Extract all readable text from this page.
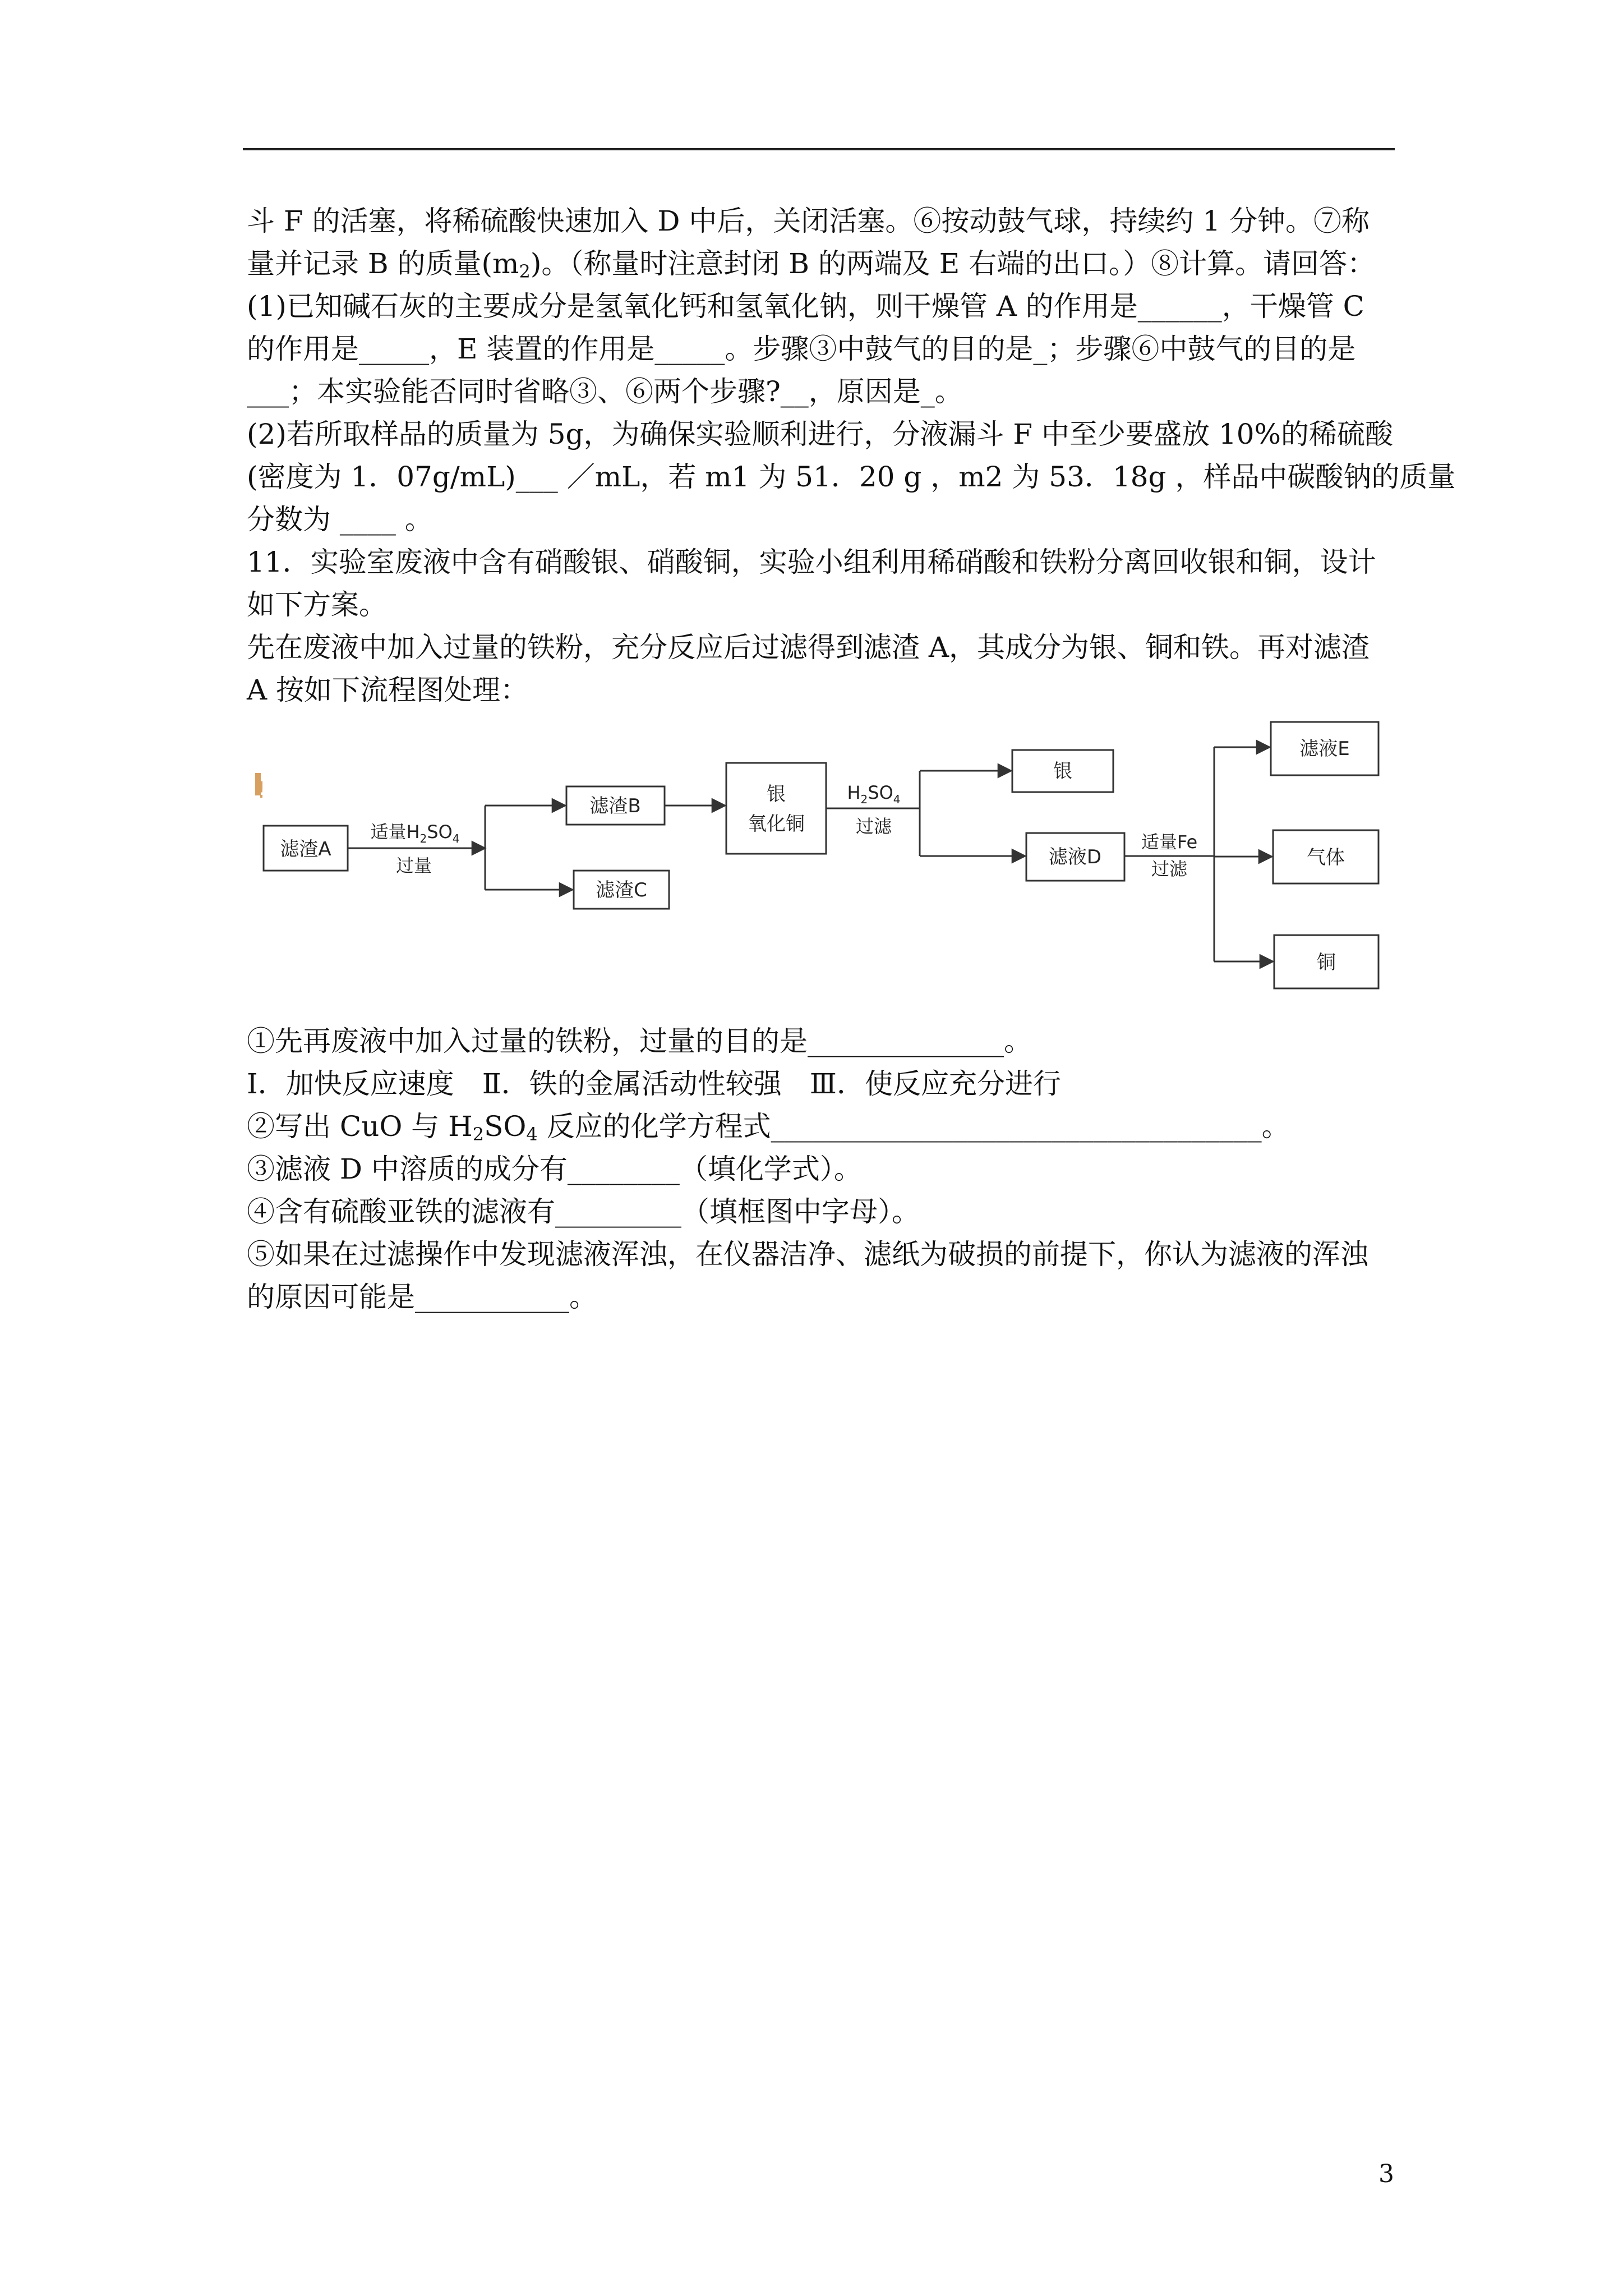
斗 F 的活塞，将稀硫酸快速加入 D 中后，关闭活塞。⑥按动鼓气球，持续约 1 分钟。⑦称
量并记录 B 的质量$(m_2)$。（称量时注意封闭 B 的两端及 E 右端的出口。）⑧计算。请回答：
(1)已知碱石灰的主要成分是氢氧化钙和氢氧化钠，则干燥管 A 的作用是______，干燥管 C
的作用是_____，E 装置的作用是_____。步骤③中鼓气的目的是_；步骤⑥中鼓气的目的是
___；本实验能否同时省略③、⑥两个步骤?__，原因是_。
(2)若所取样品的质量为 5g，为确保实验顺利进行，分液漏斗 F 中至少要盛放 10%的稀硫酸
(密度为 1．07g/mL)___ ／mL，若 m1 为 51．20 g ，m2 为 53．18g ，样品中碳酸钠的质量
分数为 ____ 。
11．实验室废液中含有硝酸银、硝酸铜，实验小组利用稀硝酸和铁粉分离回收银和铜，设计
如下方案。
先在废液中加入过量的铁粉，充分反应后过滤得到滤渣 A，其成分为银、铜和铁。再对滤渣
A 按如下流程图处理：
滤渣A
滤渣B
滤渣C
银
氧化铜
银
滤液D
滤液E
气体
铜
适量$H_2SO_4$
过量
$H_2SO_4$
过滤
适量Fe
过滤
!
①先再废液中加入过量的铁粉，过量的目的是______________。
Ⅰ．加快反应速度　Ⅱ．铁的金属活动性较强　Ⅲ．使反应充分进行
②写出 CuO 与 $H_2SO_4$ 反应的化学方程式___________________________________。
③滤液 D 中溶质的成分有________（填化学式）。
④含有硫酸亚铁的滤液有_________（填框图中字母）。
⑤如果在过滤操作中发现滤液浑浊，在仪器洁净、滤纸为破损的前提下，你认为滤液的浑浊
的原因可能是___________。
3
